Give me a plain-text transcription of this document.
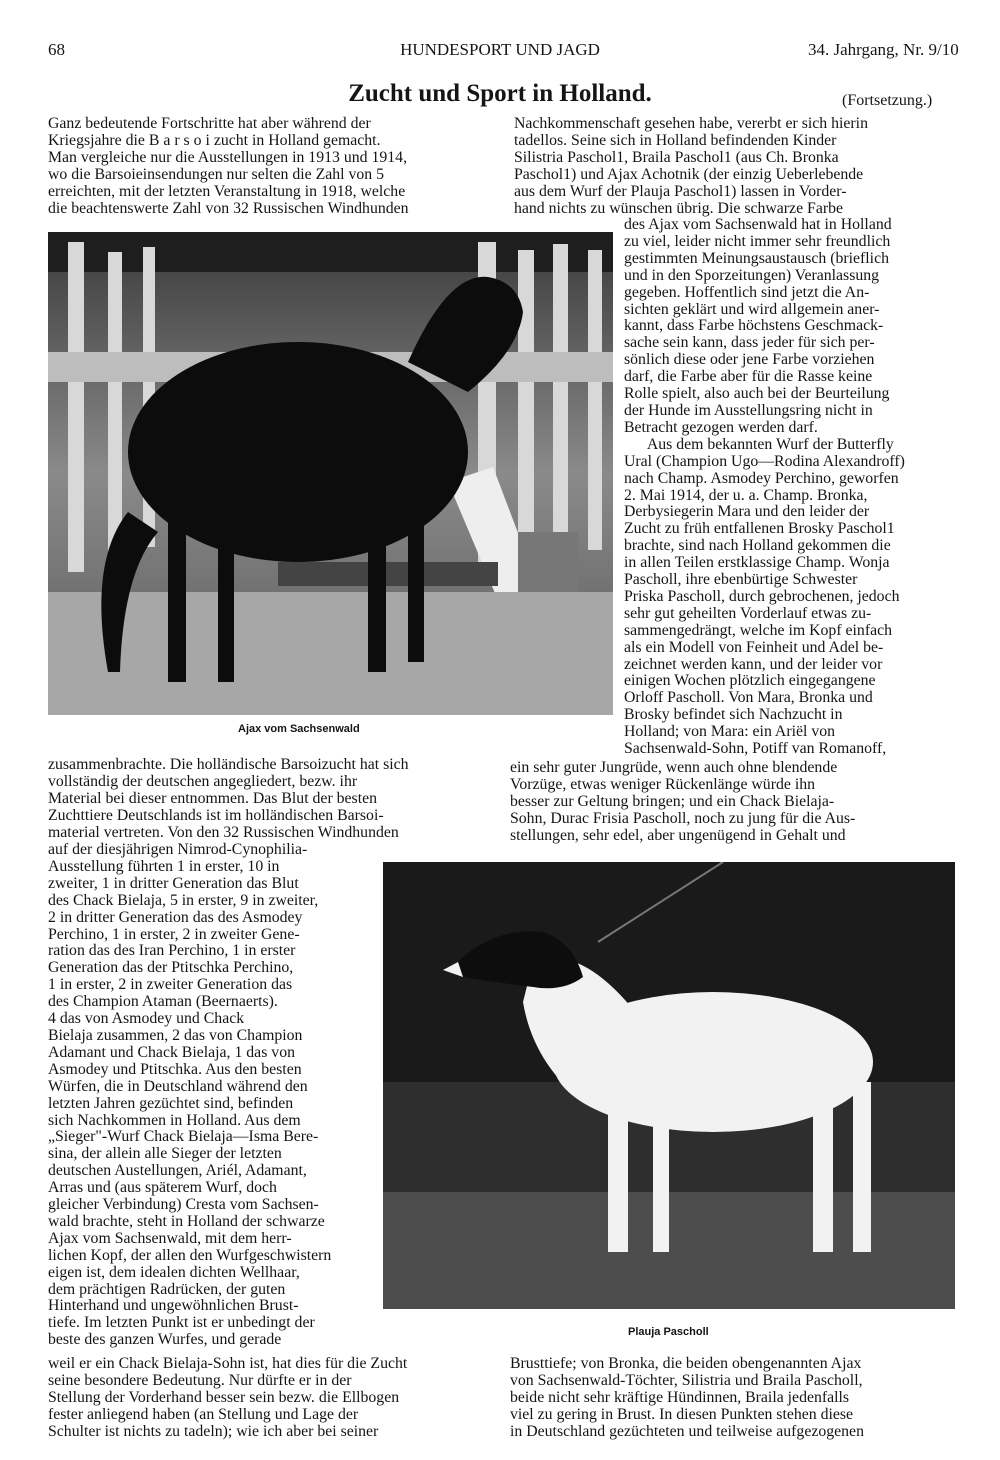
68	HUNDESPORT UND JAGD	34. Jahrgang, Nr. 9/10
Zucht und Sport in Holland.	(Fortsetzung.)
Ganz bedeutende Fortschritte hat aber während der
Kriegsjahre die B a r s o i zucht in Holland gemacht.
Man vergleiche nur die Ausstellungen in 1913 und 1914,
wo die Barsoieinsendungen nur selten die Zahl von 5
erreichten, mit der letzten Veranstaltung in 1918, welche
die beachtenswerte Zahl von 32 Russischen Windhunden
Nachkommenschaft gesehen habe, vererbt er sich hierin
tadellos. Seine sich in Holland befindenden Kinder
Silistria Paschol1, Braila Paschol1 (aus Ch. Bronka
Paschol1) und Ajax Achotnik (der einzig Ueberlebende
aus dem Wurf der Plauja Paschol1) lassen in Vorder-
hand nichts zu wünschen übrig. Die schwarze Farbe
Ajax vom Sachsenwald
des Ajax vom Sachsenwald hat in Holland
zu viel, leider nicht immer sehr freundlich
gestimmten Meinungsaustausch (brieflich
und in den Sporzeitungen) Veranlassung
gegeben. Hoffentlich sind jetzt die An-
sichten geklärt und wird allgemein aner-
kannt, dass Farbe höchstens Geschmack-
sache sein kann, dass jeder für sich per-
sönlich diese oder jene Farbe vorziehen
darf, die Farbe aber für die Rasse keine
Rolle spielt, also auch bei der Beurteilung
der Hunde im Ausstellungsring nicht in
Betracht gezogen werden darf.
Aus dem bekannten Wurf der Butterfly
Ural (Champion Ugo—Rodina Alexandroff)
nach Champ. Asmodey Perchino, geworfen
2. Mai 1914, der u. a. Champ. Bronka,
Derbysiegerin Mara und den leider der
Zucht zu früh entfallenen Brosky Paschol1
brachte, sind nach Holland gekommen die
in allen Teilen erstklassige Champ. Wonja
Pascholl, ihre ebenbürtige Schwester
Priska Pascholl, durch gebrochenen, jedoch
sehr gut geheilten Vorderlauf etwas zu-
sammengedrängt, welche im Kopf einfach
als ein Modell von Feinheit und Adel be-
zeichnet werden kann, und der leider vor
einigen Wochen plötzlich eingegangene
Orloff Pascholl. Von Mara, Bronka und
Brosky befindet sich Nachzucht in
Holland; von Mara: ein Ariël von
Sachsenwald-Sohn, Potiff van Romanoff,
zusammenbrachte. Die holländische Barsoizucht hat sich
vollständig der deutschen angegliedert, bezw. ihr
Material bei dieser entnommen. Das Blut der besten
Zuchttiere Deutschlands ist im holländischen Barsoi-
material vertreten. Von den 32 Russischen Windhunden
ein sehr guter Jungrüde, wenn auch ohne blendende
Vorzüge, etwas weniger Rückenlänge würde ihn
besser zur Geltung bringen; und ein Chack Bielaja-
Sohn, Durac Frisia Pascholl, noch zu jung für die Aus-
stellungen, sehr edel, aber ungenügend in Gehalt und
auf der diesjährigen Nimrod-Cynophilia-
Ausstellung führten 1 in erster, 10 in
zweiter, 1 in dritter Generation das Blut
des Chack Bielaja, 5 in erster, 9 in zweiter,
2 in dritter Generation das des Asmodey
Perchino, 1 in erster, 2 in zweiter Gene-
ration das des Iran Perchino, 1 in erster
Generation das der Ptitschka Perchino,
1 in erster, 2 in zweiter Generation das
des Champion Ataman (Beernaerts).
4 das von Asmodey und Chack
Bielaja zusammen, 2 das von Champion
Adamant und Chack Bielaja, 1 das von
Asmodey und Ptitschka. Aus den besten
Würfen, die in Deutschland während den
letzten Jahren gezüchtet sind, befinden
sich Nachkommen in Holland. Aus dem
„Sieger"-Wurf Chack Bielaja—Isma Bere-
sina, der allein alle Sieger der letzten
deutschen Austellungen, Ariél, Adamant,
Arras und (aus späterem Wurf, doch
gleicher Verbindung) Cresta vom Sachsen-
wald brachte, steht in Holland der schwarze
Ajax vom Sachsenwald, mit dem herr-
lichen Kopf, der allen den Wurfgeschwistern
eigen ist, dem idealen dichten Wellhaar,
dem prächtigen Radrücken, der guten
Hinterhand und ungewöhnlichen Brust-
tiefe. Im letzten Punkt ist er unbedingt der
beste des ganzen Wurfes, und gerade	Plauja Pascholl
weil er ein Chack Bielaja-Sohn ist, hat dies für die Zucht
seine besondere Bedeutung. Nur dürfte er in der
Stellung der Vorderhand besser sein bezw. die Ellbogen
fester anliegend haben (an Stellung und Lage der
Schulter ist nichts zu tadeln); wie ich aber bei seiner
Brusttiefe; von Bronka, die beiden obengenannten Ajax
von Sachsenwald-Töchter, Silistria und Braila Pascholl,
beide nicht sehr kräftige Hündinnen, Braila jedenfalls
viel zu gering in Brust. In diesen Punkten stehen diese
in Deutschland gezüchteten und teilweise aufgezogenen
